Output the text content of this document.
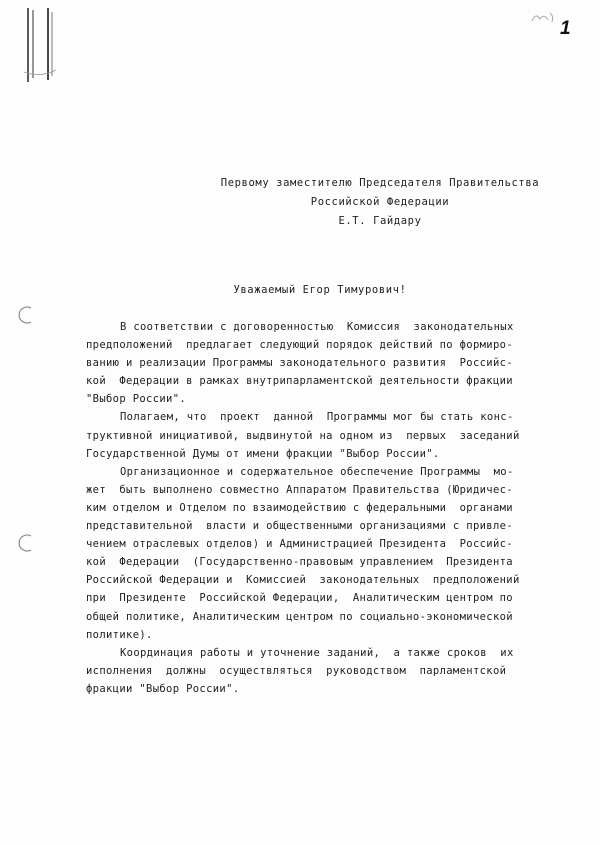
1
Первому заместителю Председателя Правительства
Российской Федерации
Е.Т. Гайдару
Уважаемый Егор Тимурович!
В соответствии с договоренностью  Комиссия  законодательных
предположений  предлагает следующий порядок действий по формиро-
ванию и реализации Программы законодательного развития  Российс-
кой  Федерации в рамках внутрипарламентской деятельности фракции
"Выбор России".
Полагаем, что  проект  данной  Программы мог бы стать конс-
труктивной инициативой, выдвинутой на одном из  первых  заседаний
Государственной Думы от имени фракции "Выбор России".
Организационное и содержательное обеспечение Программы  мо-
жет  быть выполнено совместно Аппаратом Правительства (Юридичес-
ким отделом и Отделом по взаимодействию с федеральными  органами
представительной  власти и общественными организациями с привле-
чением отраслевых отделов) и Администрацией Президента  Российс-
кой  Федерации  (Государственно-правовым управлением  Президента
Российской Федерации и  Комиссией  законодательных  предположений
при  Президенте  Российской Федерации,  Аналитическим центром по
общей политике, Аналитическим центром по социально-экономической
политике).
Координация работы и уточнение заданий,  а также сроков  их
исполнения  должны  осуществляться  руководством  парламентской
фракции "Выбор России".
